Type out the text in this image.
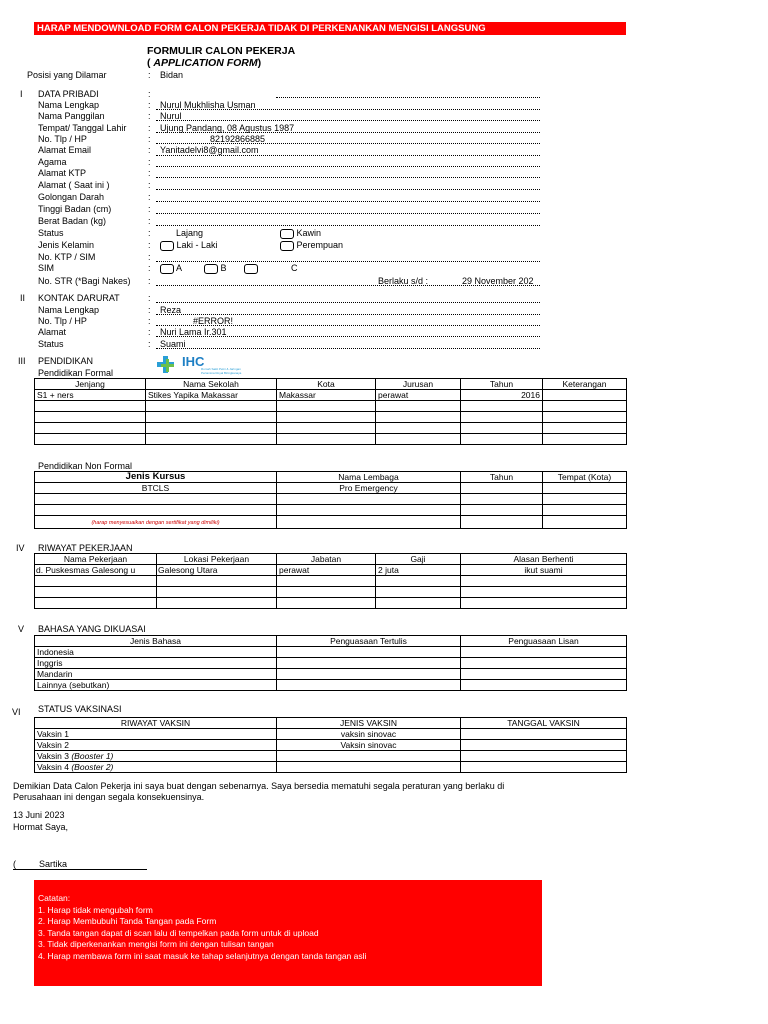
HARAP MENDOWNLOAD FORM CALON PEKERJA TIDAK DI PERKENANKAN MENGISI LANGSUNG
FORMULIR CALON PEKERJA
( APPLICATION FORM)
Posisi yang Dilamar	: Bidan
I DATA PRIBADI	:
Nama Lengkap	: Nurul Mukhlisha Usman
Nama Panggilan	: Nurul
Tempat/ Tanggal Lahir : Ujung Pandang, 08 Agustus 1987
No. Tlp / HP	:	82192866885
Alamat Email	: Yanitadelvi8@gmail.com
Agama	:
Alamat KTP	:
Alamat ( Saat ini )	:
Golongan Darah	:
Tinggi Badan (cm)	:
Berat Badan (kg)	:
Status	:	Lajang	Kawin
Jenis Kelamin	:	Laki - Laki	Perempuan
No. KTP / SIM	:
SIM	:	A	B	C
No. STR (*Bagi Nakes) :	Berlaku s/d :	29 November 202
II KONTAK DARURAT	:
Nama Lengkap	: Reza
No. Tlp / HP	:	#ERROR!
Alamat	: Nuri Lama Ir.301
Status	: Suami
III PENDIDIKAN
Pendidikan Formal
IHC
Rumah Sakit Pelni & Jaringan
Pertamina Royal Biringkanaya
Jenjang	Nama Sekolah	Kota	Jurusan	Tahun	Keterangan
S1 + ners	Stikes Yapika Makassar	Makassar	perawat	2016	

Pendidikan Non Formal
Jenis Kursus	Nama Lembaga	Tahun	Tempat (Kota)
BTCLS	Pro Emergency		

(harap menyesuaikan dengan sertifikat yang dimiliki)			
IV RIWAYAT PEKERJAAN
Nama Pekerjaan	Lokasi Pekerjaan	Jabatan	Gaji	Alasan Berhenti
d. Puskesmas Galesong u	Galesong Utara	perawat	2 juta	ikut suami

V BAHASA YANG DIKUASAI
Jenis Bahasa	Penguasaan Tertulis	Penguasaan Lisan
Indonesia		
Inggris		
Mandarin		
Lainnya (sebutkan)		
VI STATUS VAKSINASI
RIWAYAT VAKSIN	JENIS VAKSIN	TANGGAL VAKSIN
Vaksin 1	vaksin sinovac	
Vaksin 2	Vaksin sinovac	
Vaksin 3 (Booster 1)		
Vaksin 4 (Booster 2)		
Demikian Data Calon Pekerja ini saya buat dengan sebenarnya. Saya bersedia mematuhi segala peraturan yang berlaku di
Perusahaan ini dengan segala konsekuensinya.
13 Juni 2023
Hormat Saya,
(	Sartika
Catatan:
1. Harap tidak mengubah form
2. Harap Membubuhi Tanda Tangan pada Form
3. Tanda tangan dapat di scan lalu di tempelkan pada form untuk di upload
3. Tidak diperkenankan mengisi form ini dengan tulisan tangan
4. Harap membawa form ini saat masuk ke tahap selanjutnya dengan tanda tangan asli
